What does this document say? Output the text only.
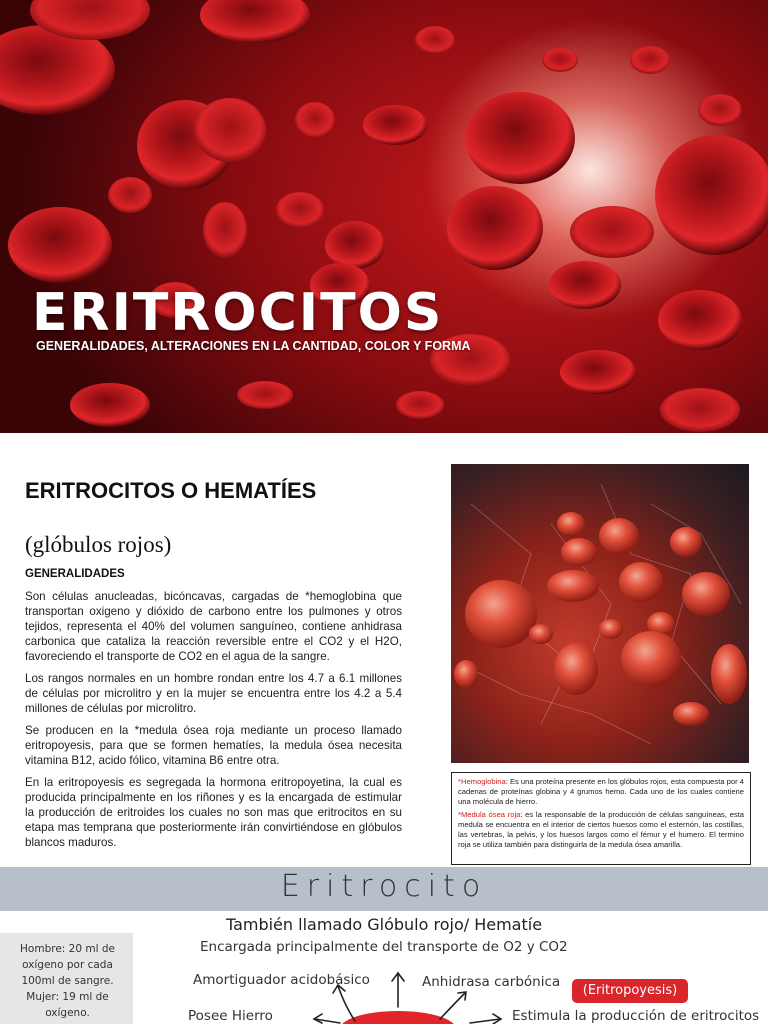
ERITROCITOS
GENERALIDADES, ALTERACIONES EN LA CANTIDAD, COLOR Y FORMA
ERITROCITOS O HEMATÍES
(glóbulos rojos)
GENERALIDADES

Son células anucleadas, bicóncavas, cargadas de *hemoglobina que transportan oxigeno y dióxido de carbono entre los pulmones y otros tejidos, representa el 40% del volumen sanguíneo, contiene anhidrasa carbonica que cataliza la reacción reversible entre el CO2 y el H2O, favoreciendo el transporte de CO2 en el agua de la sangre.

Los rangos normales en un hombre rondan entre los 4.7 a 6.1 millones de células por microlitro y en la mujer se encuentra entre los 4.2 a 5.4 millones de células por microlitro.

Se producen en la *medula ósea roja mediante un proceso llamado eritropoyesis, para que se formen hematíes, la medula ósea necesita vitamina B12, acido fólico, vitamina B6 entre otra.

En la eritropoyesis es segregada la hormona eritropoyetina, la cual es producida principalmente en los riñones y es la encargada de estimular la producción de eritroides los cuales no son mas que eritrocitos en su etapa mas temprana que posteriormente irán convirtiéndose en glóbulos blancos maduros.

*Hemoglobina: Es una proteína presente en los glóbulos rojos, esta compuesta por 4 cadenas de proteínas globina y 4 grumos hemo. Cada uno de los cuales contiene una molécula de hierro.

*Medula ósea roja: es la responsable de la producción de células sanguíneas, esta medula se encuentra en el interior de ciertos huesos como el esternón, las costillas, las vertebras, la pelvis, y los huesos largos como el fémur y el humero. El termino roja se utiliza también para distinguirla de la medula ósea amarilla.

Eritrocito
También llamado Glóbulo rojo/ Hematíe
Hombre: 20 ml de oxígeno por cada 100ml de sangre. Mujer: 19 ml de oxígeno.
Encargada principalmente del transporte de O2 y CO2
Amortiguador acidobásico	Anhidrasa carbónica
(Eritropoyesis)
Posee Hierro	Estimula la producción de eritrocitos
